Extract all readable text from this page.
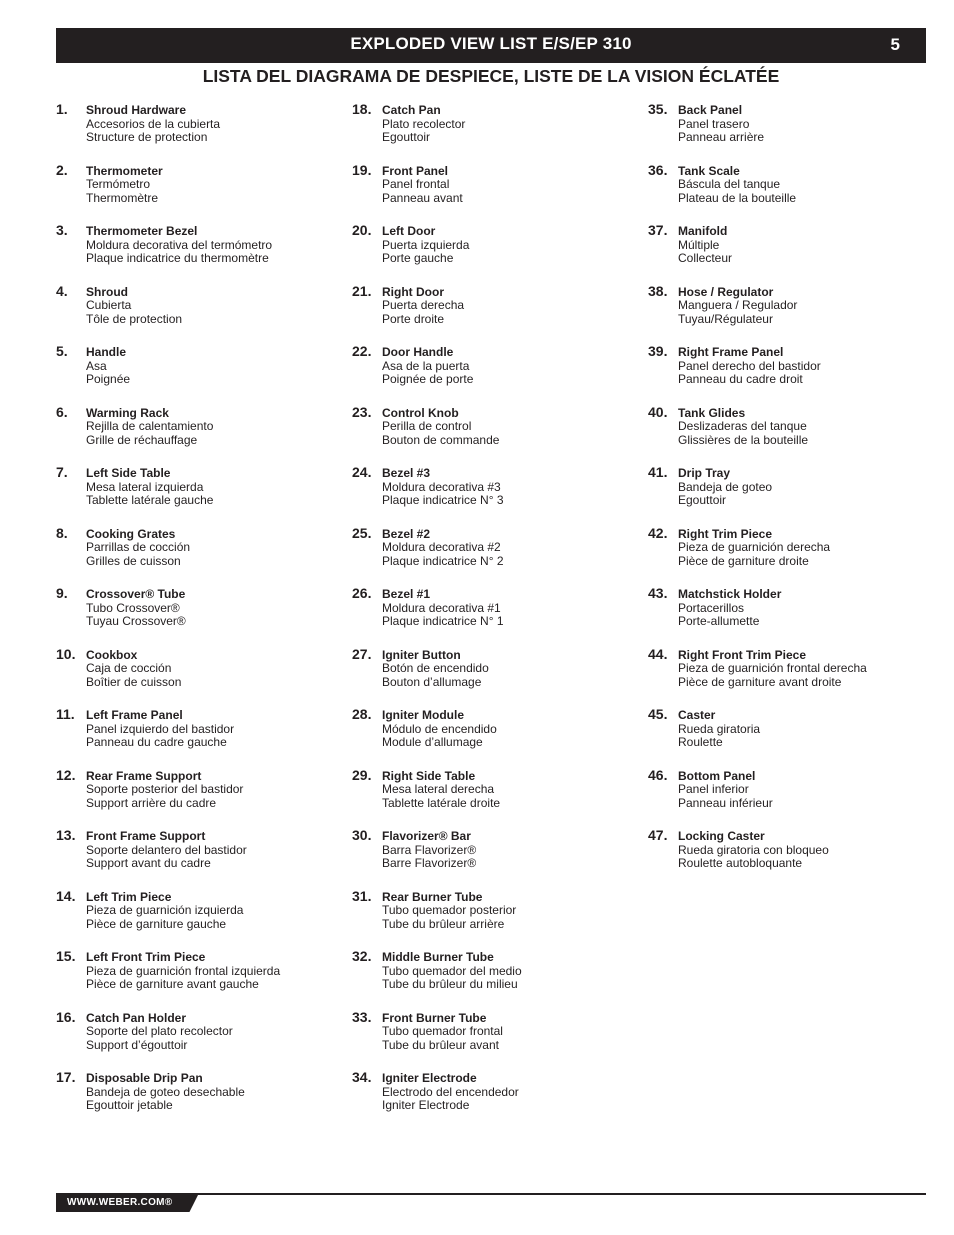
EXPLODED VIEW LIST E/S/EP 310	5
LISTA DEL DIAGRAMA DE DESPIECE, LISTE DE LA VISION ÉCLATÉE
1.	Shroud Hardware
Accesorios de la cubierta
Structure de protection
2.	Thermometer
Termómetro
Thermomètre
3.	Thermometer Bezel
Moldura decorativa del termómetro
Plaque indicatrice du thermomètre
4.	Shroud
Cubierta
Tôle de protection
5.	Handle
Asa
Poignée
6.	Warming Rack
Rejilla de calentamiento
Grille de réchauffage
7.	Left Side Table
Mesa lateral izquierda
Tablette latérale gauche
8.	Cooking Grates
Parrillas de cocción
Grilles de cuisson
9.	Crossover® Tube
Tubo Crossover®
Tuyau Crossover®
10. Cookbox
Caja de cocción
Boîtier de cuisson
11. Left Frame Panel
Panel izquierdo del bastidor
Panneau du cadre gauche
12. Rear Frame Support
Soporte posterior del bastidor
Support arrière du cadre
13. Front Frame Support
Soporte delantero del bastidor
Support avant du cadre
14. Left Trim Piece
Pieza de guarnición izquierda
Pièce de garniture gauche
15. Left Front Trim Piece
Pieza de guarnición frontal izquierda
Pièce de garniture avant gauche
16. Catch Pan Holder
Soporte del plato recolector
Support d’égouttoir
17. Disposable Drip Pan
Bandeja de goteo desechable
Egouttoir jetable
18. Catch Pan
Plato recolector
Egouttoir
19. Front Panel
Panel frontal
Panneau avant
20. Left Door
Puerta izquierda
Porte gauche
21. Right Door
Puerta derecha
Porte droite
22. Door Handle
Asa de la puerta
Poignée de porte
23. Control Knob
Perilla de control
Bouton de commande
24. Bezel #3
Moldura decorativa #3
Plaque indicatrice N° 3
25. Bezel #2
Moldura decorativa #2
Plaque indicatrice N° 2
26. Bezel #1
Moldura decorativa #1
Plaque indicatrice N° 1
27. Igniter Button
Botón de encendido
Bouton d’allumage
28. Igniter Module
Módulo de encendido
Module d’allumage
29. Right Side Table
Mesa lateral derecha
Tablette latérale droite
30. Flavorizer® Bar
Barra Flavorizer®
Barre Flavorizer®
31. Rear Burner Tube
Tubo quemador posterior
Tube du brûleur arrière
32. Middle Burner Tube
Tubo quemador del medio
Tube du brûleur du milieu
33. Front Burner Tube
Tubo quemador frontal
Tube du brûleur avant
34. Igniter Electrode
Electrodo del encendedor
Igniter Electrode
35. Back Panel
Panel trasero
Panneau arrière
36. Tank Scale
Báscula del tanque
Plateau de la bouteille
37. Manifold
Múltiple
Collecteur
38. Hose / Regulator
Manguera / Regulador
Tuyau/Régulateur
39. Right Frame Panel
Panel derecho del bastidor
Panneau du cadre droit
40. Tank Glides
Deslizaderas del tanque
Glissières de la bouteille
41. Drip Tray
Bandeja de goteo
Egouttoir
42. Right Trim Piece
Pieza de guarnición derecha
Pièce de garniture droite
43. Matchstick Holder
Portacerillos
Porte-allumette
44. Right Front Trim Piece
Pieza de guarnición frontal derecha
Pièce de garniture avant droite
45. Caster
Rueda giratoria
Roulette
46. Bottom Panel
Panel inferior
Panneau inférieur
47. Locking Caster
Rueda giratoria con bloqueo
Roulette autobloquante
WWW.WEBER.COM®
